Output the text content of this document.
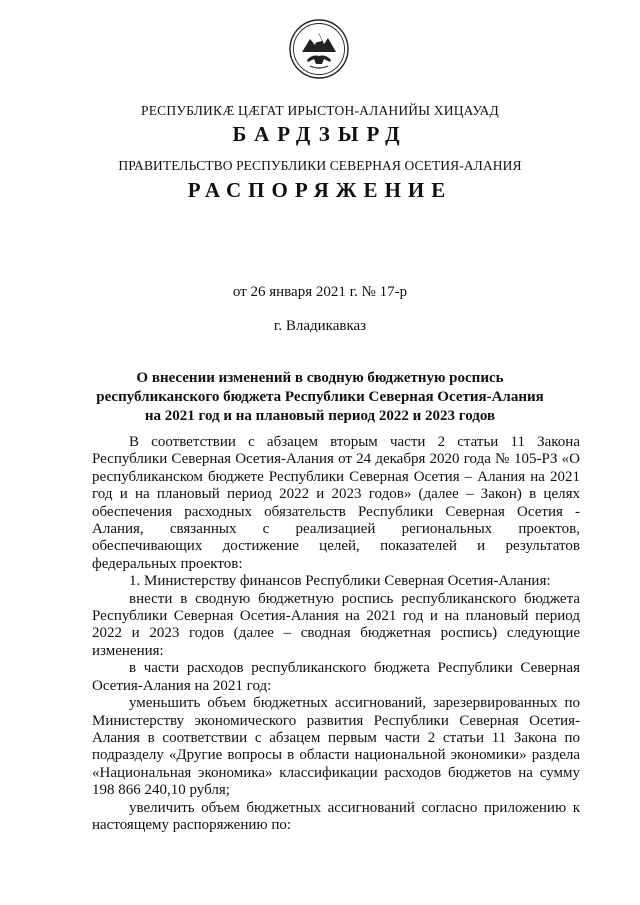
РЕСПУБЛИКӔ ЦӔГАТ ИРЫСТОН-АЛАНИЙЫ ХИЦАУАД
БАРДЗЫРД
ПРАВИТЕЛЬСТВО РЕСПУБЛИКИ СЕВЕРНАЯ ОСЕТИЯ-АЛАНИЯ
РАСПОРЯЖЕНИЕ
от 26 января 2021 г. № 17-р
г. Владикавказ
О внесении изменений в сводную бюджетную роспись республиканского бюджета Республики Северная Осетия-Алания на 2021 год и на плановый период 2022 и 2023 годов

В соответствии с абзацем вторым части 2 статьи 11 Закона Республики Северная Осетия-Алания от 24 декабря 2020 года № 105-РЗ «О республиканском бюджете Республики Северная Осетия – Алания на 2021 год и на плановый период 2022 и 2023 годов» (далее – Закон) в целях обеспечения расходных обязательств Республики Северная Осетия - Алания, связанных с реализацией региональных проектов, обеспечивающих достижение целей, показателей и результатов федеральных проектов:

1. Министерству финансов Республики Северная Осетия-Алания:

внести в сводную бюджетную роспись республиканского бюджета Республики Северная Осетия-Алания на 2021 год и на плановый период 2022 и 2023 годов (далее – сводная бюджетная роспись) следующие изменения:

в части расходов республиканского бюджета Республики Северная Осетия-Алания на 2021 год:

уменьшить объем бюджетных ассигнований, зарезервированных по Министерству экономического развития Республики Северная Осетия-Алания в соответствии с абзацем первым части 2 статьи 11 Закона по подразделу «Другие вопросы в области национальной экономики» раздела «Национальная экономика» классификации расходов бюджетов на сумму 198 866 240,10 рубля;

увеличить объем бюджетных ассигнований согласно приложению к настоящему распоряжению по:
